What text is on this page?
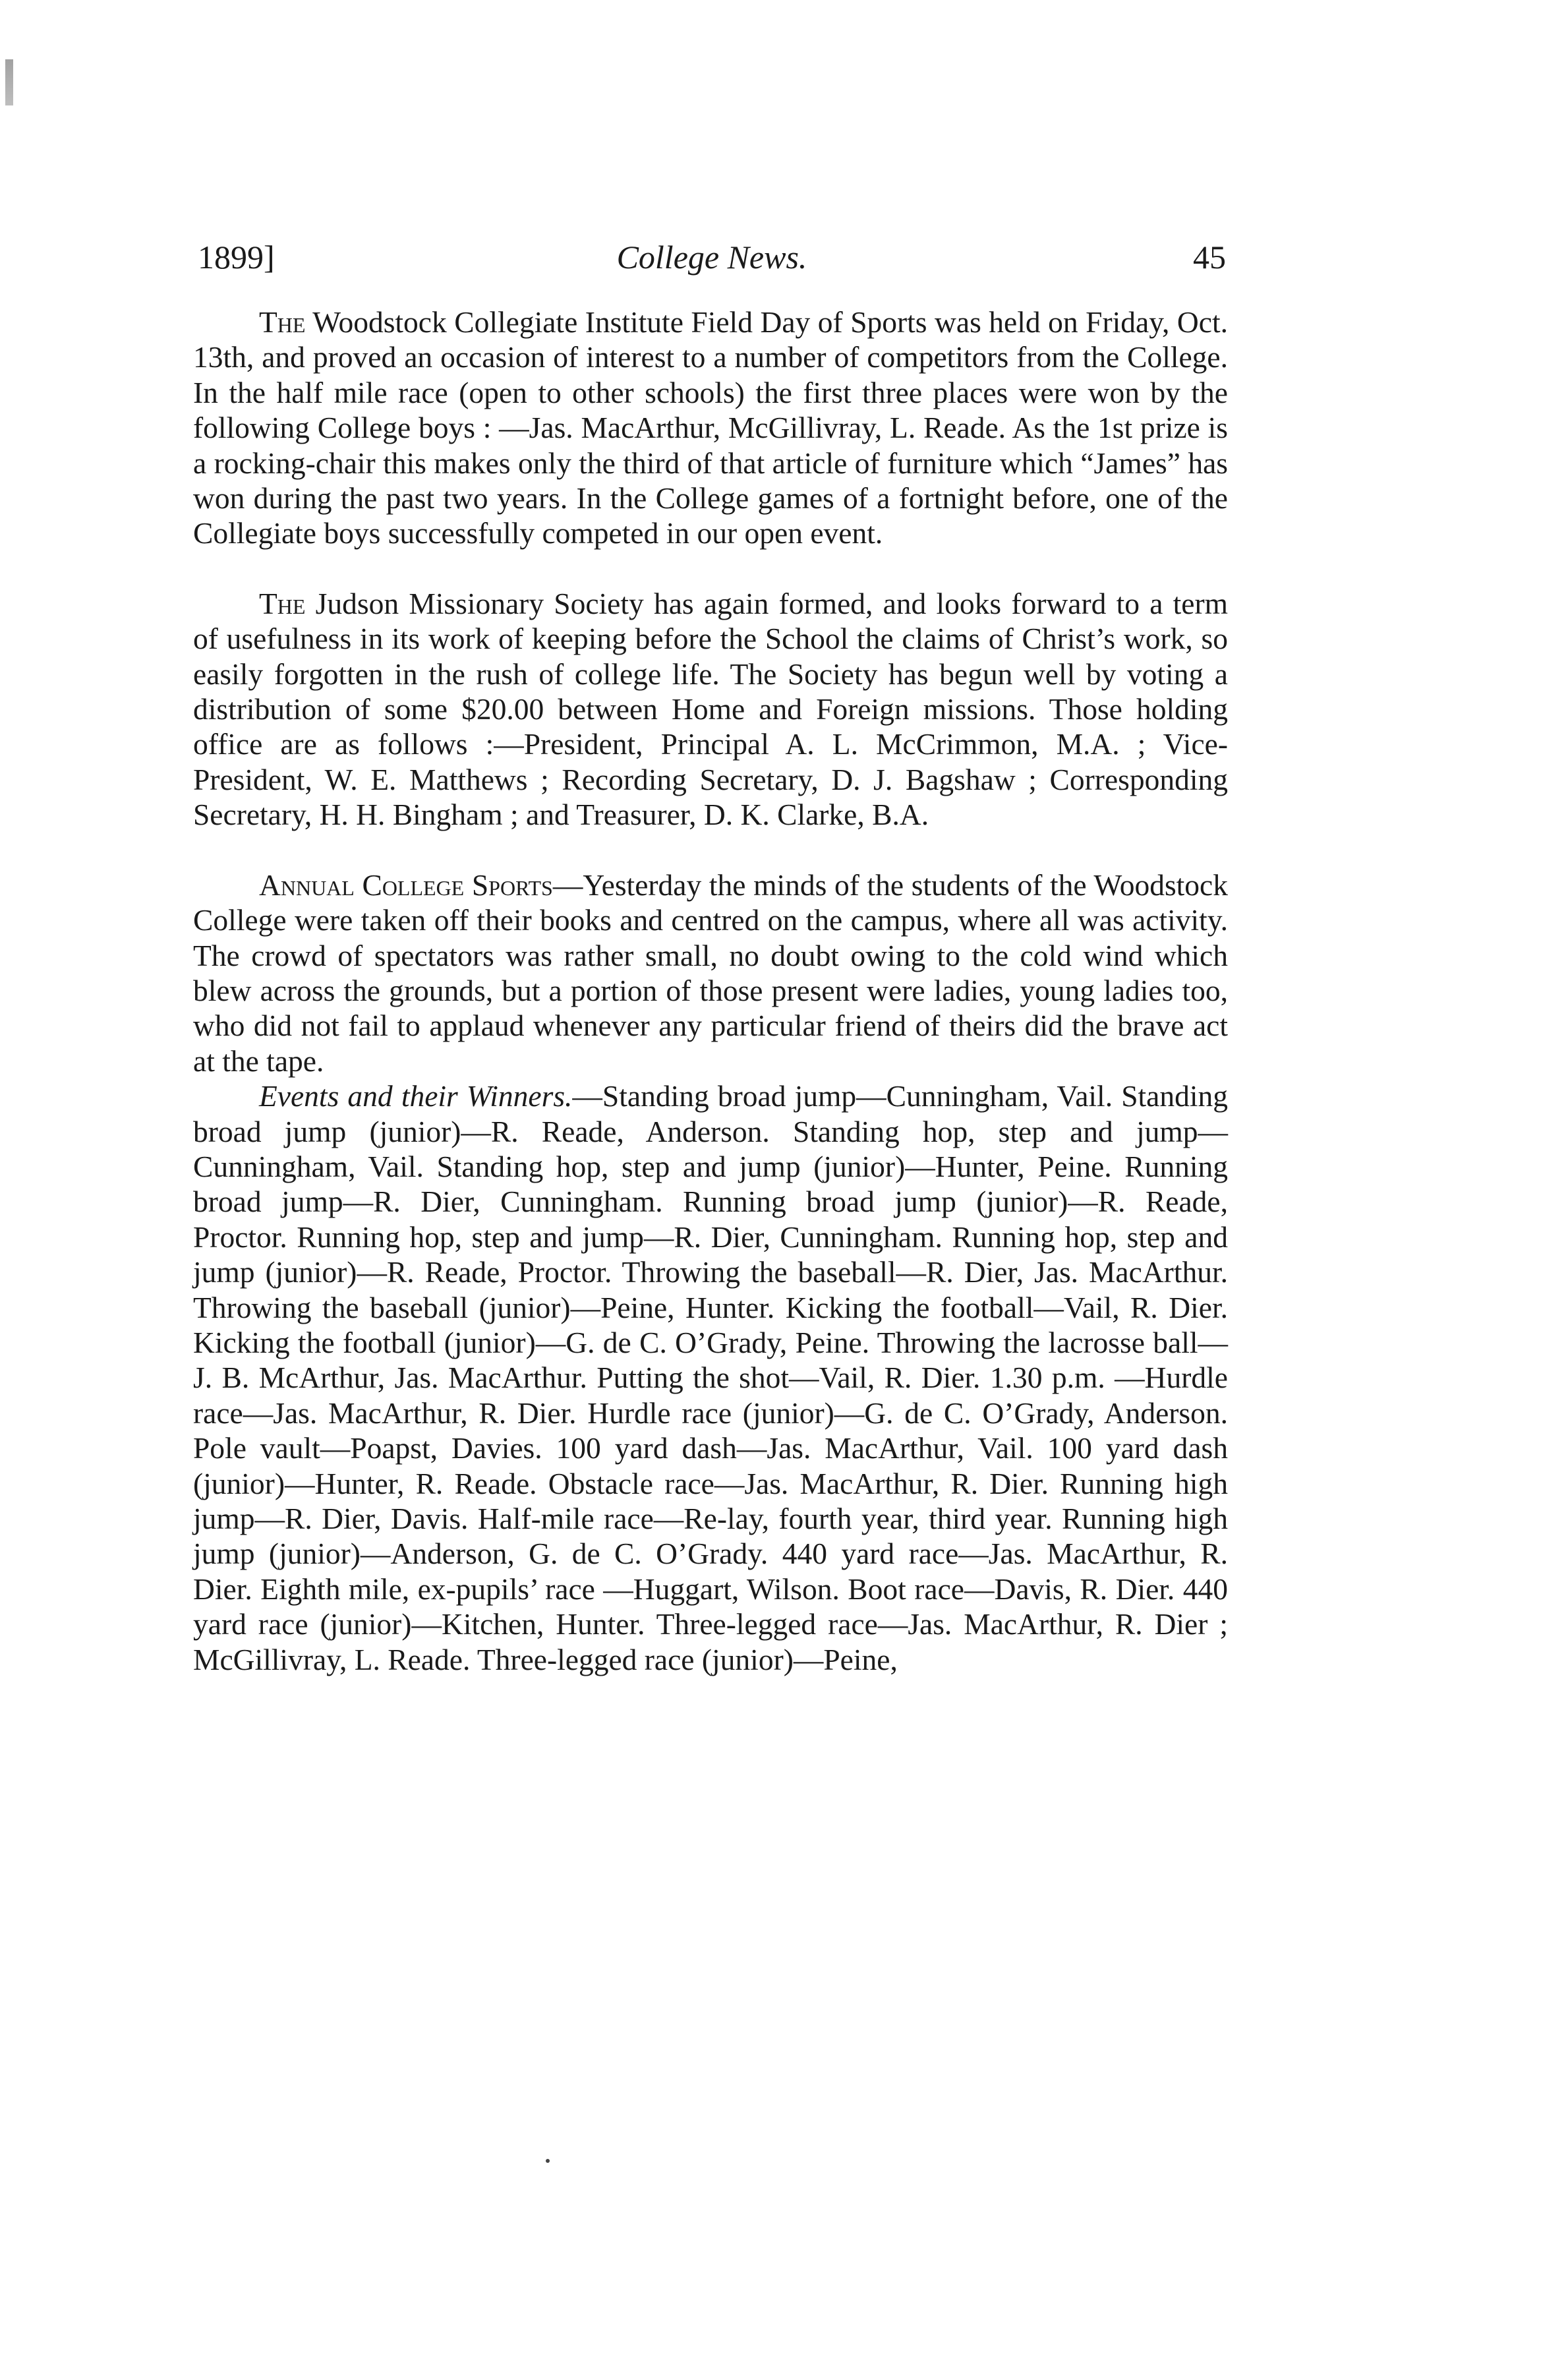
1899]	College News.	45

The Woodstock Collegiate Institute Field Day of Sports was held on Friday, Oct. 13th, and proved an occasion of interest to a number of competitors from the College. In the half mile race (open to other schools) the first three places were won by the following College boys : —Jas. MacArthur, McGillivray, L. Reade. As the 1st prize is a rocking-chair this makes only the third of that article of furniture which “James” has won during the past two years. In the College games of a fortnight before, one of the Collegiate boys successfully competed in our open event.

The Judson Missionary Society has again formed, and looks forward to a term of usefulness in its work of keeping before the School the claims of Christ’s work, so easily forgotten in the rush of college life. The Society has begun well by voting a distribution of some $20.00 between Home and Foreign missions. Those holding office are as follows :—President, Principal A. L. McCrimmon, M.A. ; Vice-President, W. E. Matthews ; Recording Secretary, D. J. Bagshaw ; Corresponding Secretary, H. H. Bingham ; and Treasurer, D. K. Clarke, B.A.

Annual College Sports—Yesterday the minds of the students of the Woodstock College were taken off their books and centred on the campus, where all was activity. The crowd of spectators was rather small, no doubt owing to the cold wind which blew across the grounds, but a portion of those present were ladies, young ladies too, who did not fail to applaud whenever any particular friend of theirs did the brave act at the tape.

Events and their Winners.—Standing broad jump—Cunningham, Vail. Standing broad jump (junior)—R. Reade, Anderson. Standing hop, step and jump—Cunningham, Vail. Standing hop, step and jump (junior)—Hunter, Peine. Running broad jump—R. Dier, Cunningham. Running broad jump (junior)—R. Reade, Proctor. Running hop, step and jump—R. Dier, Cunningham. Running hop, step and jump (junior)—R. Reade, Proctor. Throwing the baseball—R. Dier, Jas. MacArthur. Throwing the baseball (junior)—Peine, Hunter. Kicking the football—Vail, R. Dier. Kicking the football (junior)—G. de C. O’Grady, Peine. Throwing the lacrosse ball—J. B. McArthur, Jas. MacArthur. Putting the shot—Vail, R. Dier. 1.30 p.m. —Hurdle race—Jas. MacArthur, R. Dier. Hurdle race (junior)—G. de C. O’Grady, Anderson. Pole vault—Poapst, Davies. 100 yard dash—Jas. MacArthur, Vail. 100 yard dash (junior)—Hunter, R. Reade. Obstacle race—Jas. MacArthur, R. Dier. Running high jump—R. Dier, Davis. Half-mile race—Re-lay, fourth year, third year. Running high jump (junior)—Anderson, G. de C. O’Grady. 440 yard race—Jas. MacArthur, R. Dier. Eighth mile, ex-pupils’ race —Huggart, Wilson. Boot race—Davis, R. Dier. 440 yard race (junior)—Kitchen, Hunter. Three-legged race—Jas. MacArthur, R. Dier ; McGillivray, L. Reade. Three-legged race (junior)—Peine,
